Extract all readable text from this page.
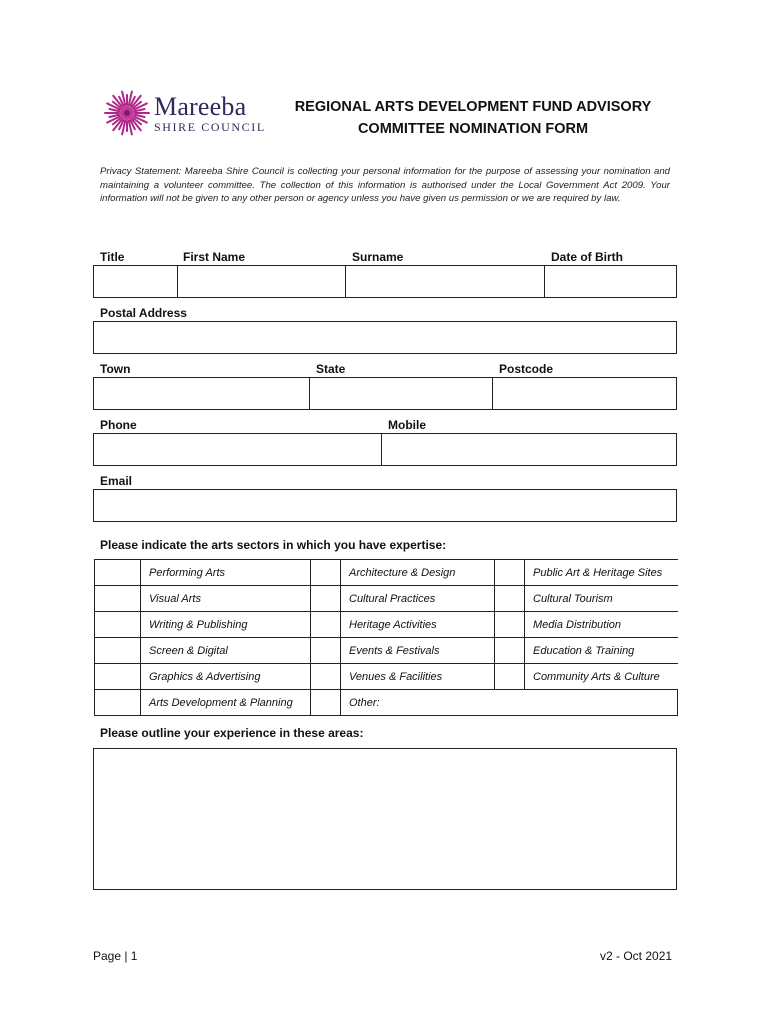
Mareeba
SHIRE COUNCIL
REGIONAL ARTS DEVELOPMENT FUND ADVISORY
COMMITTEE NOMINATION FORM
Privacy Statement: Mareeba Shire Council is collecting your personal information for the purpose of assessing your nomination and maintaining a volunteer committee. The collection of this information is authorised under the Local Government Act 2009. Your information will not be given to any other person or agency unless you have given us permission or we are required by law.
Title	First Name	Surname	Date of Birth
Postal Address
Town	State	Postcode
Phone	Mobile
Email
Please indicate the arts sectors in which you have expertise:
	Performing Arts		Architecture & Design		Public Art & Heritage Sites
	Visual Arts		Cultural Practices		Cultural Tourism
	Writing & Publishing		Heritage Activities		Media Distribution
	Screen & Digital		Events & Festivals		Education & Training
	Graphics & Advertising		Venues & Facilities		Community Arts & Culture
	Arts Development & Planning		Other:		
Please outline your experience in these areas:
Page | 1	v2 - Oct 2021
